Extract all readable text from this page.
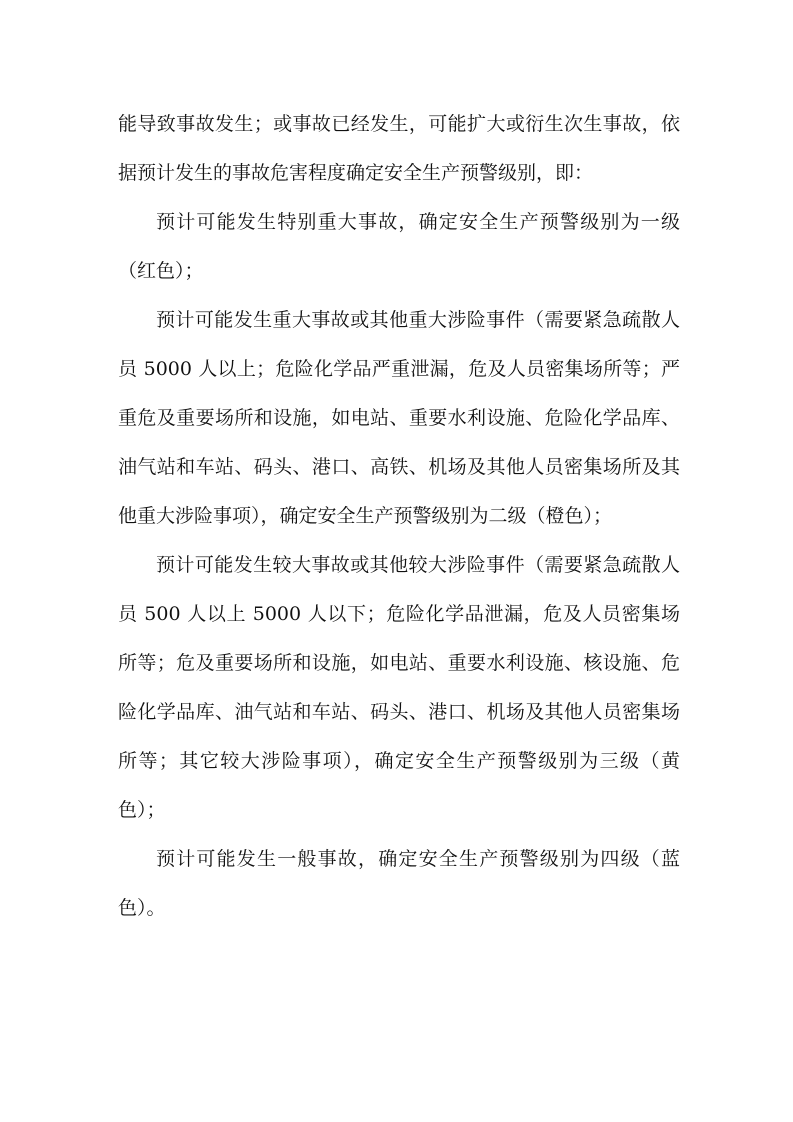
能导致事故发生；或事故已经发生，可能扩大或衍生次生事故，依据预计发生的事故危害程度确定安全生产预警级别，即：

预计可能发生特别重大事故，确定安全生产预警级别为一级（红色）；

预计可能发生重大事故或其他重大涉险事件（需要紧急疏散人员 5000 人以上；危险化学品严重泄漏，危及人员密集场所等；严重危及重要场所和设施，如电站、重要水利设施、危险化学品库、油气站和车站、码头、港口、高铁、机场及其他人员密集场所及其他重大涉险事项），确定安全生产预警级别为二级（橙色）；

预计可能发生较大事故或其他较大涉险事件（需要紧急疏散人员 500 人以上 5000 人以下；危险化学品泄漏，危及人员密集场所等；危及重要场所和设施，如电站、重要水利设施、核设施、危险化学品库、油气站和车站、码头、港口、机场及其他人员密集场所等；其它较大涉险事项），确定安全生产预警级别为三级（黄色）；

预计可能发生一般事故，确定安全生产预警级别为四级（蓝色）。
